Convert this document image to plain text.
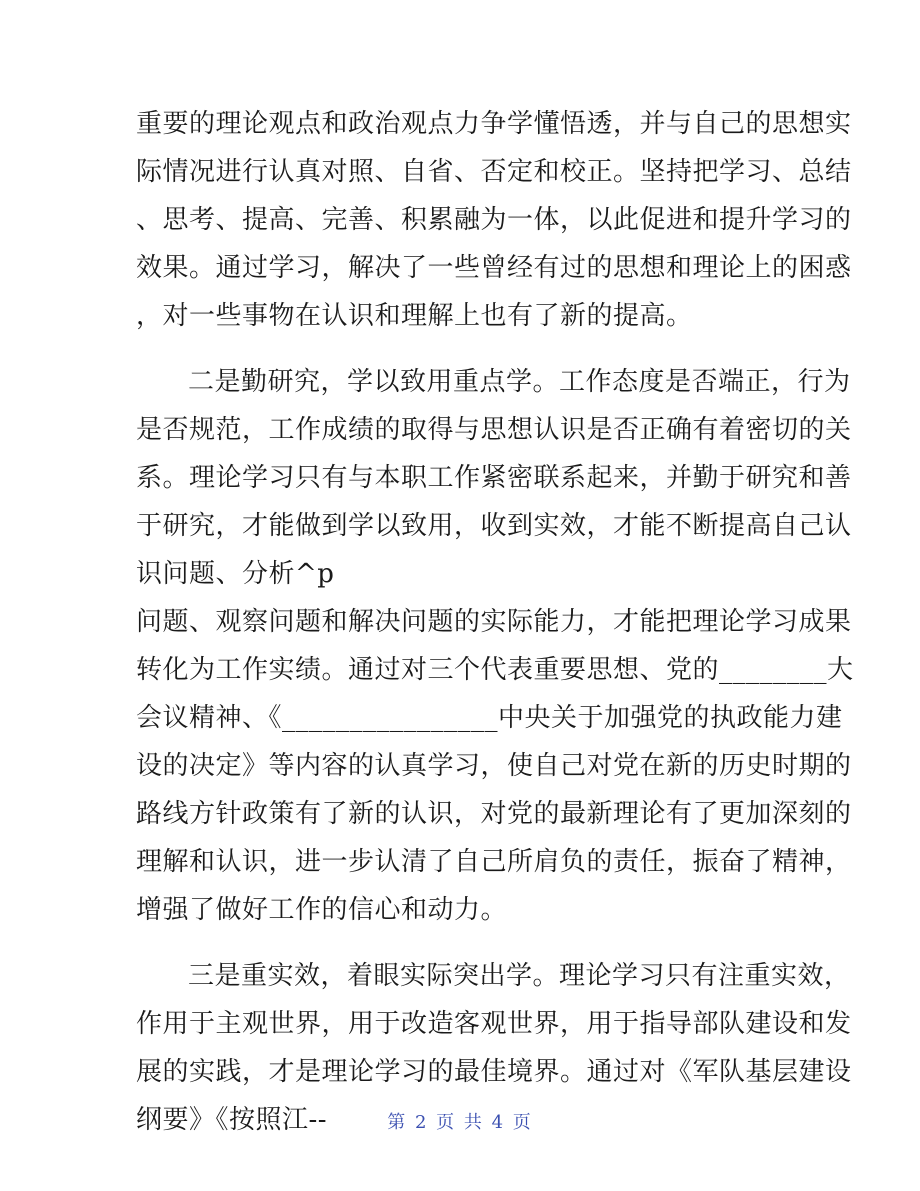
重要的理论观点和政治观点力争学懂悟透，并与自己的思想实
际情况进行认真对照、自省、否定和校正。坚持把学习、总结
、思考、提高、完善、积累融为一体，以此促进和提升学习的
效果。通过学习，解决了一些曾经有过的思想和理论上的困惑
，对一些事物在认识和理解上也有了新的提高。
二是勤研究，学以致用重点学。工作态度是否端正，行为
是否规范，工作成绩的取得与思想认识是否正确有着密切的关
系。理论学习只有与本职工作紧密联系起来，并勤于研究和善
于研究，才能做到学以致用，收到实效，才能不断提高自己认
识问题、分析^p
问题、观察问题和解决问题的实际能力，才能把理论学习成果
转化为工作实绩。通过对三个代表重要思想、党的________大
会议精神、《________________中央关于加强党的执政能力建
设的决定》等内容的认真学习，使自己对党在新的历史时期的
路线方针政策有了新的认识，对党的最新理论有了更加深刻的
理解和认识，进一步认清了自己所肩负的责任，振奋了精神，
增强了做好工作的信心和动力。
三是重实效，着眼实际突出学。理论学习只有注重实效，
作用于主观世界，用于改造客观世界，用于指导部队建设和发
展的实践，才是理论学习的最佳境界。通过对《军队基层建设
纲要》《按照江--	第 2 页 共 4 页
